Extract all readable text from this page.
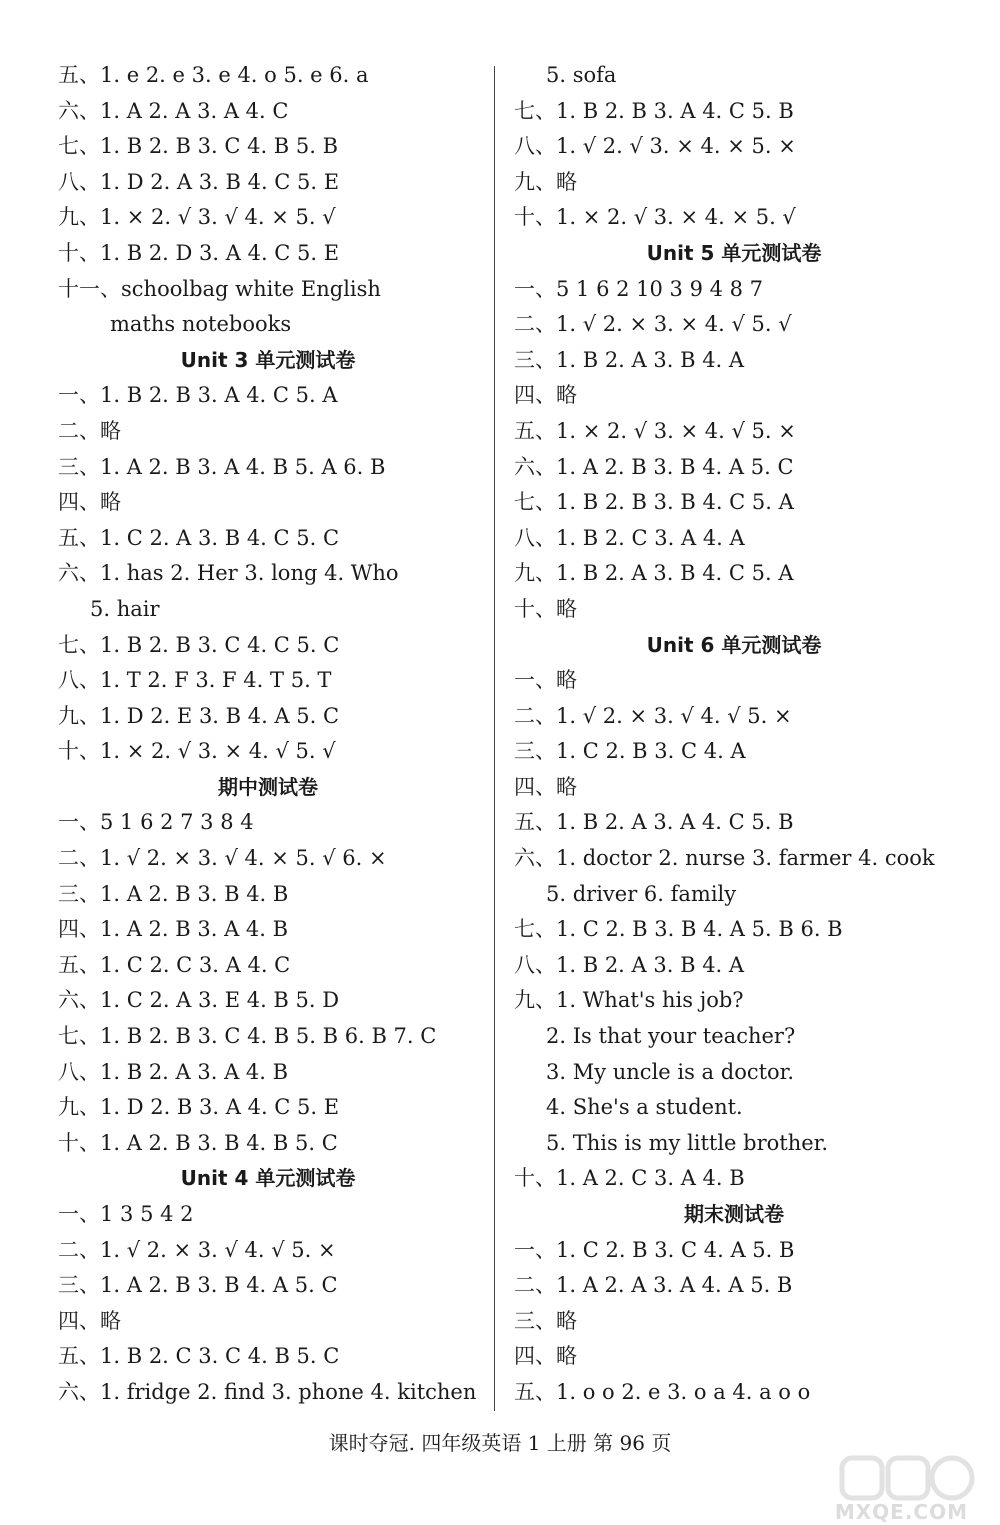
五、1. e 2. e 3. e 4. o 5. e 6. a
六、1. A 2. A 3. A 4. C
七、1. B 2. B 3. C 4. B 5. B
八、1. D 2. A 3. B 4. C 5. E
九、1. × 2. √ 3. √ 4. × 5. √
十、1. B 2. D 3. A 4. C 5. E
十一、schoolbag white English
maths notebooks
Unit 3 单元测试卷
一、1. B 2. B 3. A 4. C 5. A
二、略
三、1. A 2. B 3. A 4. B 5. A 6. B
四、略
五、1. C 2. A 3. B 4. C 5. C
六、1. has 2. Her 3. long 4. Who
5. hair
七、1. B 2. B 3. C 4. C 5. C
八、1. T 2. F 3. F 4. T 5. T
九、1. D 2. E 3. B 4. A 5. C
十、1. × 2. √ 3. × 4. √ 5. √
期中测试卷
一、5 1 6 2 7 3 8 4
二、1. √ 2. × 3. √ 4. × 5. √ 6. ×
三、1. A 2. B 3. B 4. B
四、1. A 2. B 3. A 4. B
五、1. C 2. C 3. A 4. C
六、1. C 2. A 3. E 4. B 5. D
七、1. B 2. B 3. C 4. B 5. B 6. B 7. C
八、1. B 2. A 3. A 4. B
九、1. D 2. B 3. A 4. C 5. E
十、1. A 2. B 3. B 4. B 5. C
Unit 4 单元测试卷
一、1 3 5 4 2
二、1. √ 2. × 3. √ 4. √ 5. ×
三、1. A 2. B 3. B 4. A 5. C
四、略
五、1. B 2. C 3. C 4. B 5. C
六、1. fridge 2. find 3. phone 4. kitchen
5. sofa
七、1. B 2. B 3. A 4. C 5. B
八、1. √ 2. √ 3. × 4. × 5. ×
九、略
十、1. × 2. √ 3. × 4. × 5. √
Unit 5 单元测试卷
一、5 1 6 2 10 3 9 4 8 7
二、1. √ 2. × 3. × 4. √ 5. √
三、1. B 2. A 3. B 4. A
四、略
五、1. × 2. √ 3. × 4. √ 5. ×
六、1. A 2. B 3. B 4. A 5. C
七、1. B 2. B 3. B 4. C 5. A
八、1. B 2. C 3. A 4. A
九、1. B 2. A 3. B 4. C 5. A
十、略
Unit 6 单元测试卷
一、略
二、1. √ 2. × 3. √ 4. √ 5. ×
三、1. C 2. B 3. C 4. A
四、略
五、1. B 2. A 3. A 4. C 5. B
六、1. doctor 2. nurse 3. farmer 4. cook
5. driver 6. family
七、1. C 2. B 3. B 4. A 5. B 6. B
八、1. B 2. A 3. B 4. A
九、1. What's his job?
2. Is that your teacher?
3. My uncle is a doctor.
4. She's a student.
5. This is my little brother.
十、1. A 2. C 3. A 4. B
期末测试卷
一、1. C 2. B 3. C 4. A 5. B
二、1. A 2. A 3. A 4. A 5. B
三、略
四、略
五、1. o o 2. e 3. o a 4. a o o
课时夺冠. 四年级英语 1 上册 第 96 页
MXQE.COM
